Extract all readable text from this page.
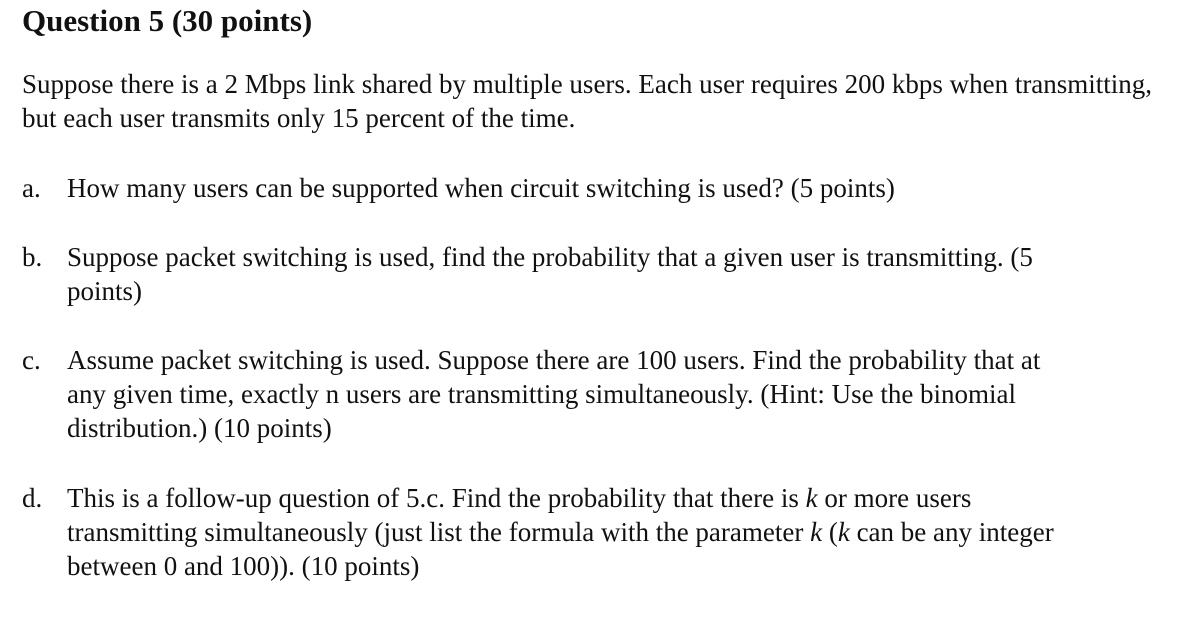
Question 5 (30 points)

Suppose there is a 2 Mbps link shared by multiple users. Each user requires 200 kbps when transmitting, but each user transmits only 15 percent of the time.

a. How many users can be supported when circuit switching is used? (5 points)
b. Suppose packet switching is used, find the probability that a given user is transmitting. (5
points)
c. Assume packet switching is used. Suppose there are 100 users. Find the probability that at
any given time, exactly n users are transmitting simultaneously. (Hint: Use the binomial
distribution.) (10 points)
d. This is a follow-up question of 5.c. Find the probability that there is k or more users
transmitting simultaneously (just list the formula with the parameter k (k can be any integer
between 0 and 100)). (10 points)
